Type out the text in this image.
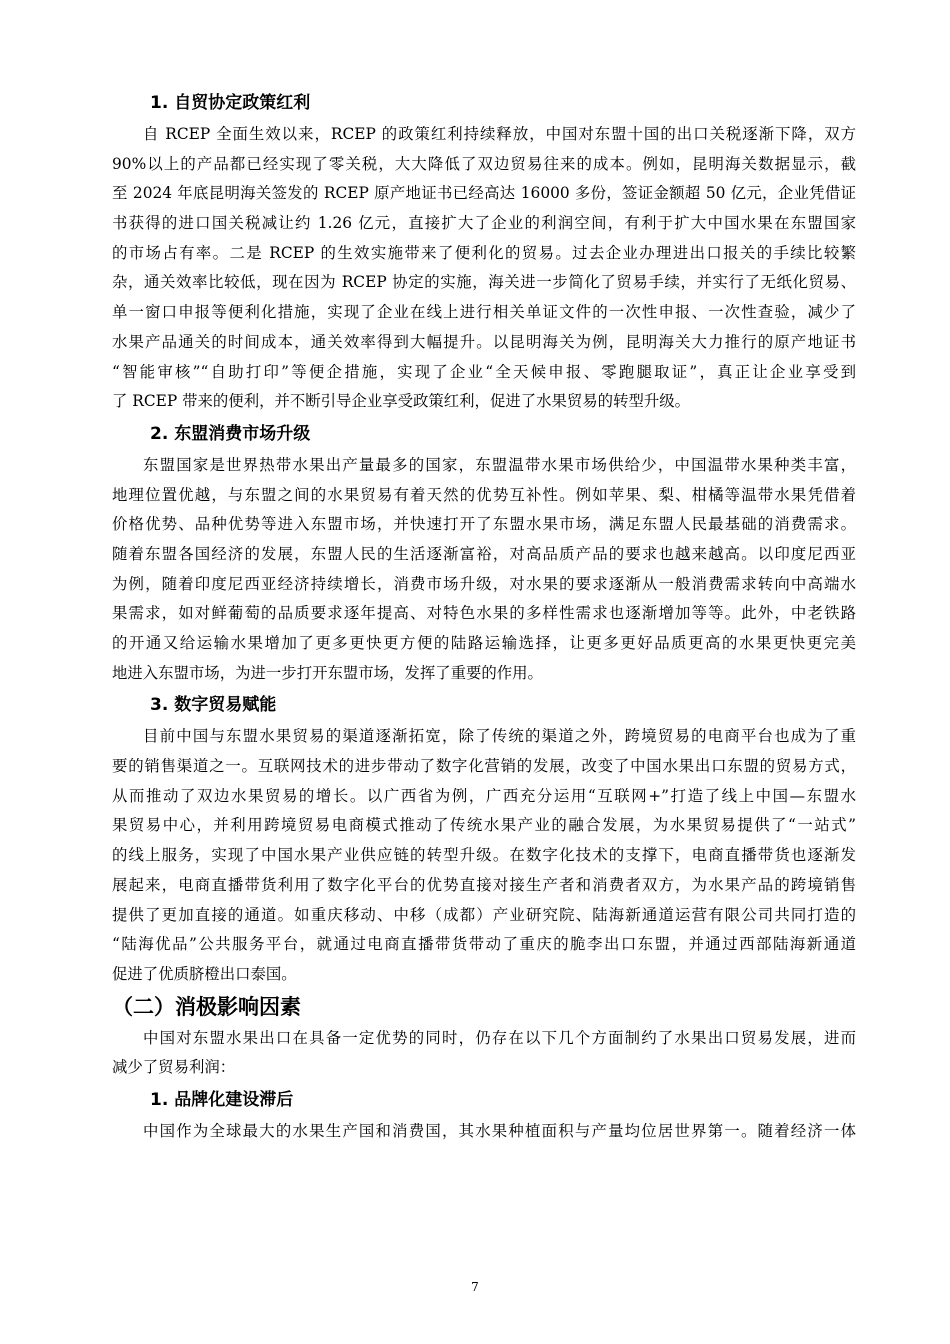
1. 自贸协定政策红利
自 RCEP 全面生效以来，RCEP 的政策红利持续释放，中国对东盟十国的出口关税逐渐下降，双方
90%以上的产品都已经实现了零关税，大大降低了双边贸易往来的成本。例如，昆明海关数据显示，截
至 2024 年底昆明海关签发的 RCEP 原产地证书已经高达 16000 多份，签证金额超 50 亿元，企业凭借证
书获得的进口国关税减让约 1.26 亿元，直接扩大了企业的利润空间，有利于扩大中国水果在东盟国家
的市场占有率。二是 RCEP 的生效实施带来了便利化的贸易。过去企业办理进出口报关的手续比较繁
杂，通关效率比较低，现在因为 RCEP 协定的实施，海关进一步简化了贸易手续，并实行了无纸化贸易、
单一窗口申报等便利化措施，实现了企业在线上进行相关单证文件的一次性申报、一次性查验，减少了
水果产品通关的时间成本，通关效率得到大幅提升。以昆明海关为例，昆明海关大力推行的原产地证书
“智能审核”“自助打印”等便企措施，实现了企业“全天候申报、零跑腿取证”，真正让企业享受到
了 RCEP 带来的便利，并不断引导企业享受政策红利，促进了水果贸易的转型升级。
2. 东盟消费市场升级
东盟国家是世界热带水果出产量最多的国家，东盟温带水果市场供给少，中国温带水果种类丰富，
地理位置优越，与东盟之间的水果贸易有着天然的优势互补性。例如苹果、梨、柑橘等温带水果凭借着
价格优势、品种优势等进入东盟市场，并快速打开了东盟水果市场，满足东盟人民最基础的消费需求。
随着东盟各国经济的发展，东盟人民的生活逐渐富裕，对高品质产品的要求也越来越高。以印度尼西亚
为例，随着印度尼西亚经济持续增长，消费市场升级，对水果的要求逐渐从一般消费需求转向中高端水
果需求，如对鲜葡萄的品质要求逐年提高、对特色水果的多样性需求也逐渐增加等等。此外，中老铁路
的开通又给运输水果增加了更多更快更方便的陆路运输选择，让更多更好品质更高的水果更快更完美
地进入东盟市场，为进一步打开东盟市场，发挥了重要的作用。
3. 数字贸易赋能
目前中国与东盟水果贸易的渠道逐渐拓宽，除了传统的渠道之外，跨境贸易的电商平台也成为了重
要的销售渠道之一。互联网技术的进步带动了数字化营销的发展，改变了中国水果出口东盟的贸易方式，
从而推动了双边水果贸易的增长。以广西省为例，广西充分运用“互联网+”打造了线上中国—东盟水
果贸易中心，并利用跨境贸易电商模式推动了传统水果产业的融合发展，为水果贸易提供了“一站式”
的线上服务，实现了中国水果产业供应链的转型升级。在数字化技术的支撑下，电商直播带货也逐渐发
展起来，电商直播带货利用了数字化平台的优势直接对接生产者和消费者双方，为水果产品的跨境销售
提供了更加直接的通道。如重庆移动、中移（成都）产业研究院、陆海新通道运营有限公司共同打造的
“陆海优品”公共服务平台，就通过电商直播带货带动了重庆的脆李出口东盟，并通过西部陆海新通道
促进了优质脐橙出口泰国。
（二）消极影响因素
中国对东盟水果出口在具备一定优势的同时，仍存在以下几个方面制约了水果出口贸易发展，进而
减少了贸易利润：
1. 品牌化建设滞后
中国作为全球最大的水果生产国和消费国，其水果种植面积与产量均位居世界第一。随着经济一体
7
